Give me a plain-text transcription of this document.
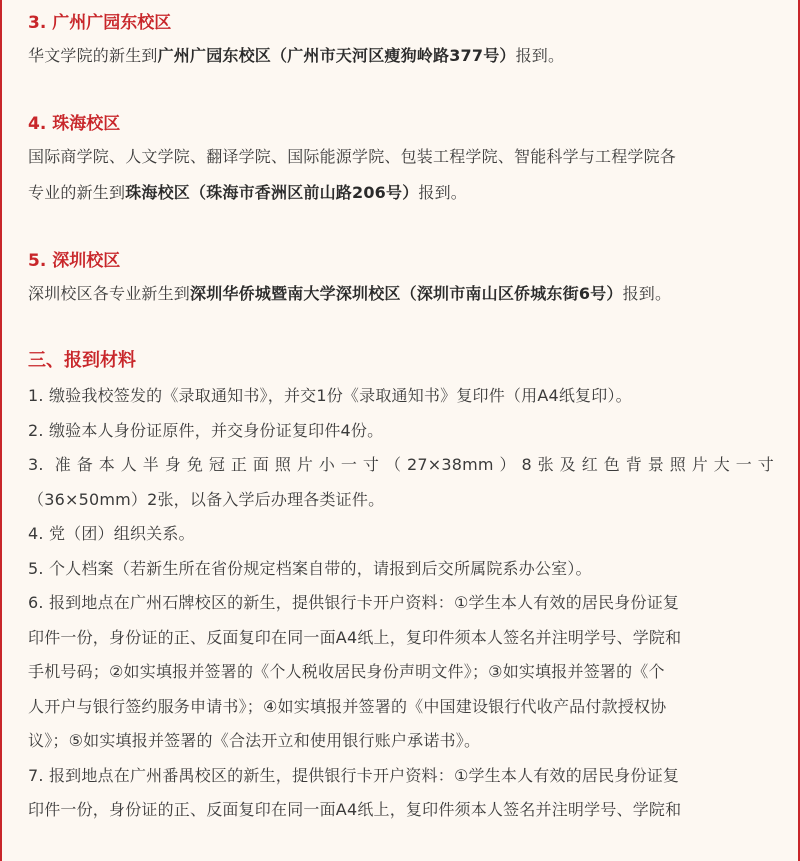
3. 广州广园东校区

华文学院的新生到广州广园东校区（广州市天河区瘦狗岭路377号）报到。

4. 珠海校区

国际商学院、人文学院、翻译学院、国际能源学院、包装工程学院、智能科学与工程学院各

专业的新生到珠海校区（珠海市香洲区前山路206号）报到。

5. 深圳校区

深圳校区各专业新生到深圳华侨城暨南大学深圳校区（深圳市南山区侨城东街6号）报到。

三、报到材料

1. 缴验我校签发的《录取通知书》，并交1份《录取通知书》复印件（用A4纸复印）。

2. 缴验本人身份证原件，并交身份证复印件4份。

3. 准备本人半身免冠正面照片小一寸（27×38mm）8张及红色背景照片大一寸

（36×50mm）2张，以备入学后办理各类证件。

4. 党（团）组织关系。

5. 个人档案（若新生所在省份规定档案自带的，请报到后交所属院系办公室）。

6. 报到地点在广州石牌校区的新生，提供银行卡开户资料：①学生本人有效的居民身份证复

印件一份，身份证的正、反面复印在同一面A4纸上，复印件须本人签名并注明学号、学院和

手机号码；②如实填报并签署的《个人税收居民身份声明文件》；③如实填报并签署的《个

人开户与银行签约服务申请书》；④如实填报并签署的《中国建设银行代收产品付款授权协

议》；⑤如实填报并签署的《合法开立和使用银行账户承诺书》。

7. 报到地点在广州番禺校区的新生，提供银行卡开户资料：①学生本人有效的居民身份证复

印件一份，身份证的正、反面复印在同一面A4纸上，复印件须本人签名并注明学号、学院和
